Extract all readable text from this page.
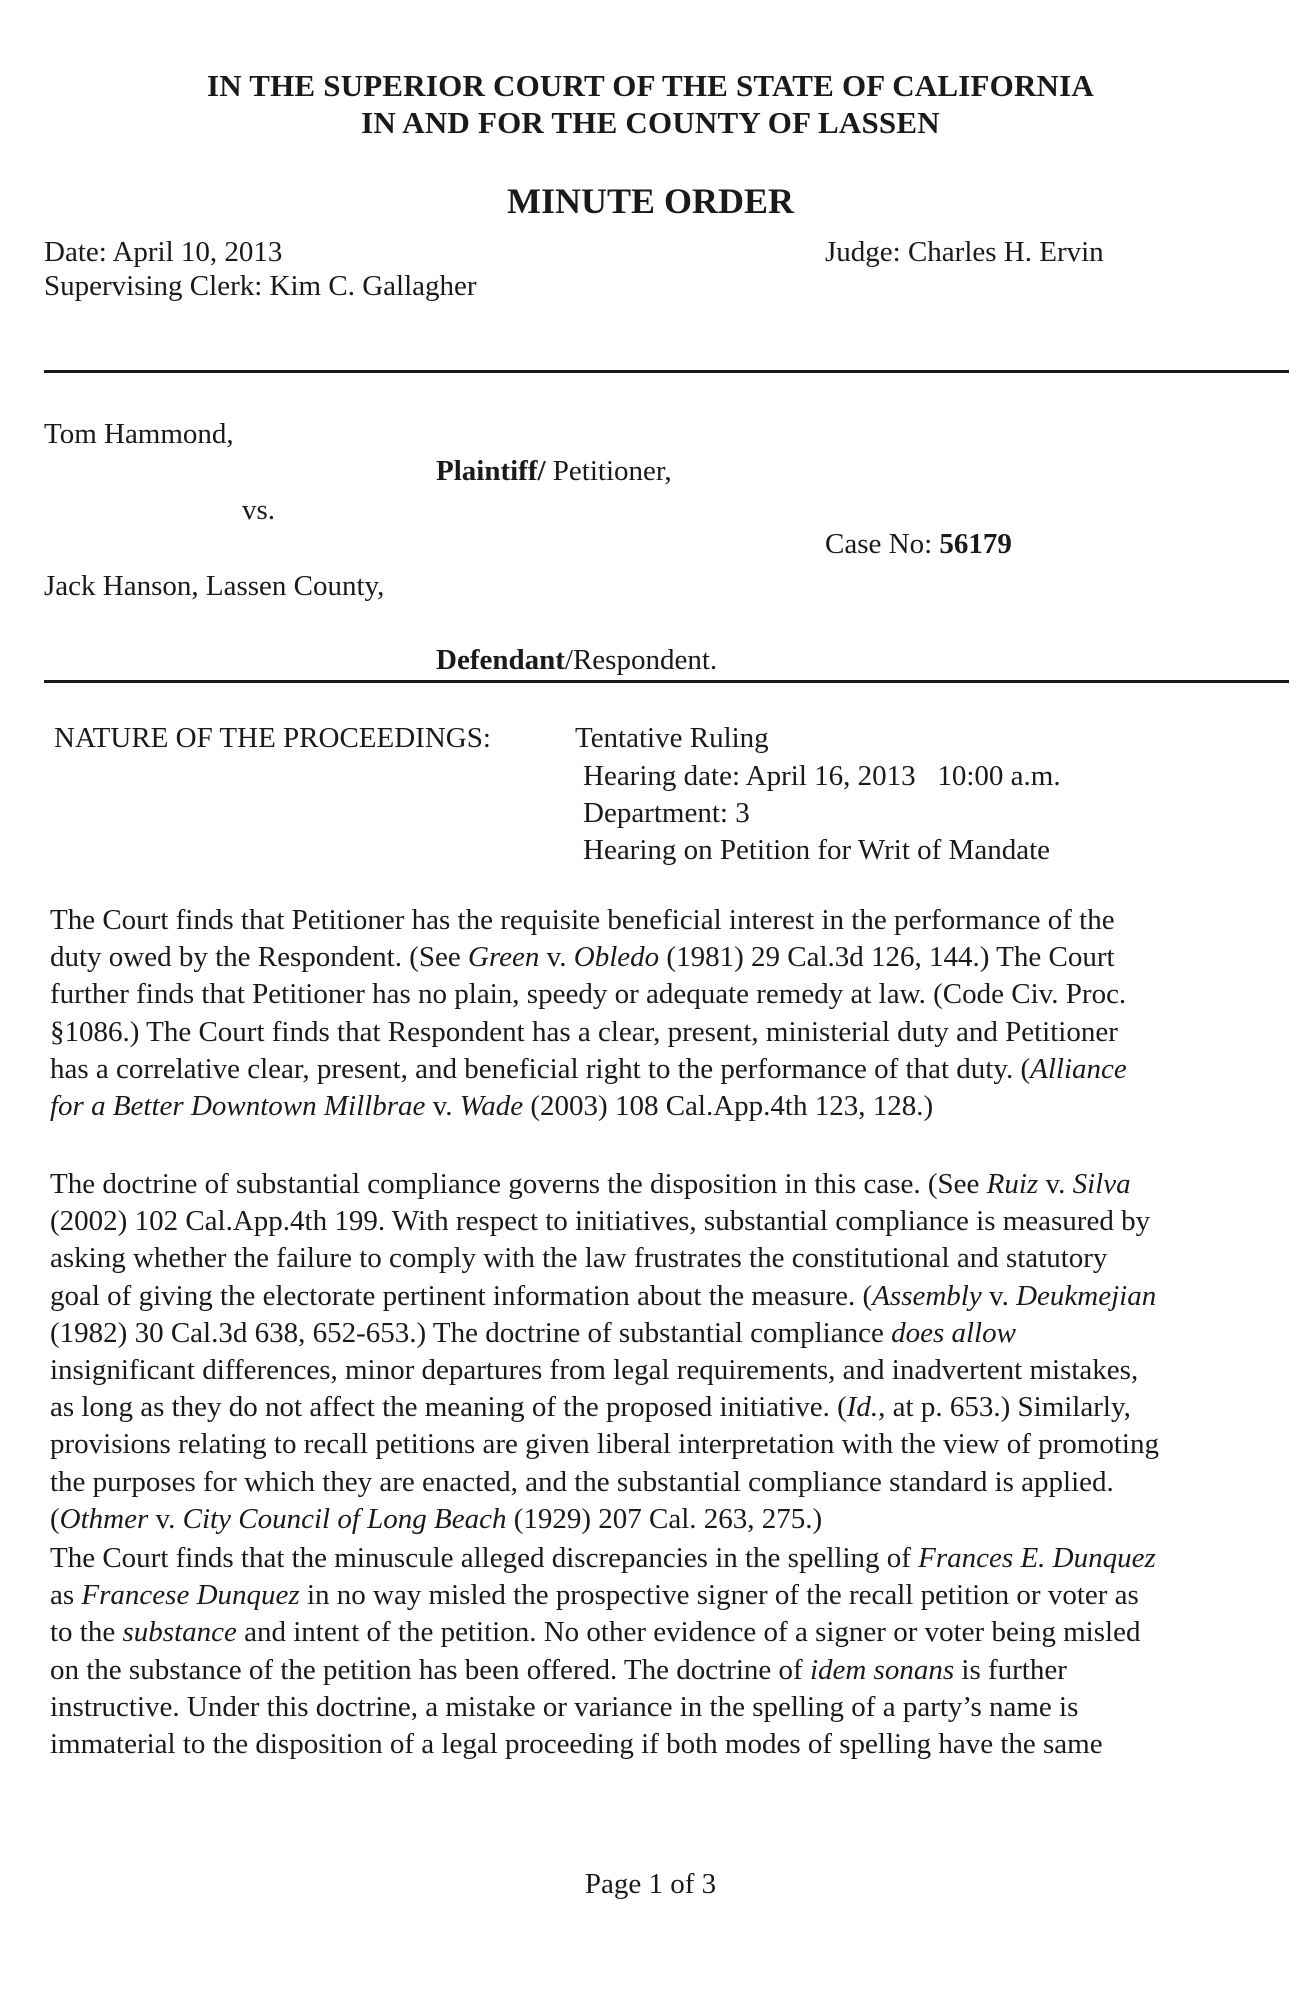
IN THE SUPERIOR COURT OF THE STATE OF CALIFORNIA
IN AND FOR THE COUNTY OF LASSEN
MINUTE ORDER
Date: April 10, 2013
Supervising Clerk: Kim C. Gallagher
Judge: Charles H. Ervin
Tom Hammond,
Plaintiff/ Petitioner,
vs.
Case No: 56179
Jack Hanson, Lassen County,
Defendant/Respondent.
NATURE OF THE PROCEEDINGS:	Tentative Ruling
Hearing date: April 16, 2013   10:00 a.m.
Department: 3
Hearing on Petition for Writ of Mandate
The Court finds that Petitioner has the requisite beneficial interest in the performance of the
duty owed by the Respondent. (See Green v. Obledo (1981) 29 Cal.3d 126, 144.) The Court
further finds that Petitioner has no plain, speedy or adequate remedy at law. (Code Civ. Proc.
§1086.) The Court finds that Respondent has a clear, present, ministerial duty and Petitioner
has a correlative clear, present, and beneficial right to the performance of that duty. (Alliance
for a Better Downtown Millbrae v. Wade (2003) 108 Cal.App.4th 123, 128.)
The doctrine of substantial compliance governs the disposition in this case. (See Ruiz v. Silva
(2002) 102 Cal.App.4th 199. With respect to initiatives, substantial compliance is measured by
asking whether the failure to comply with the law frustrates the constitutional and statutory
goal of giving the electorate pertinent information about the measure. (Assembly v. Deukmejian
(1982) 30 Cal.3d 638, 652-653.) The doctrine of substantial compliance does allow
insignificant differences, minor departures from legal requirements, and inadvertent mistakes,
as long as they do not affect the meaning of the proposed initiative. (Id., at p. 653.) Similarly,
provisions relating to recall petitions are given liberal interpretation with the view of promoting
the purposes for which they are enacted, and the substantial compliance standard is applied.
(Othmer v. City Council of Long Beach (1929) 207 Cal. 263, 275.)
The Court finds that the minuscule alleged discrepancies in the spelling of Frances E. Dunquez
as Francese Dunquez in no way misled the prospective signer of the recall petition or voter as
to the substance and intent of the petition. No other evidence of a signer or voter being misled
on the substance of the petition has been offered. The doctrine of idem sonans is further
instructive. Under this doctrine, a mistake or variance in the spelling of a party’s name is
immaterial to the disposition of a legal proceeding if both modes of spelling have the same
Page 1 of 3
